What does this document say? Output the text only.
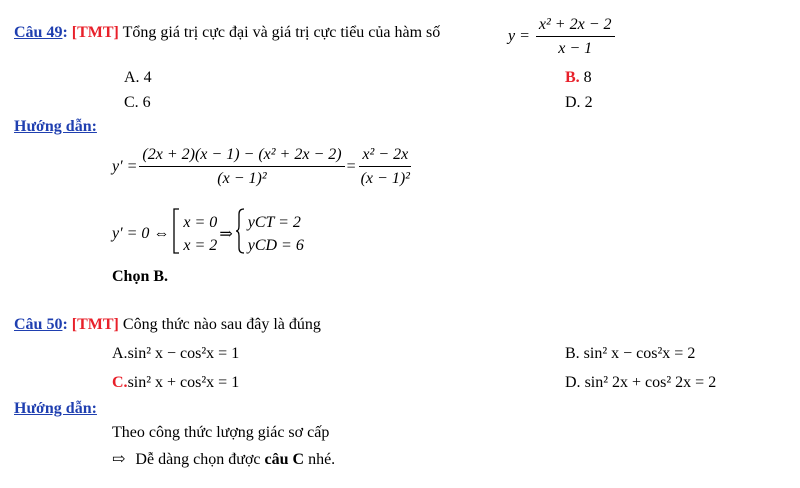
Câu 49: [TMT] Tổng giá trị cực đại và giá trị cực tiểu của hàm số	$y = \frac{\text{x² + 2x − 2}}{x - 1}$
A. 4	B. 8
C. 6	D. 2
Hướng dẫn:
$y' = \frac{\text{(2x + 2)(x − 1) − (x² + 2x − 2)}}{\text{(x − 1)²}} = \frac{\text{x² − 2x}}{\text{(x − 1)²}}$
y′ = 0 ⇔
x = 0
x = 2
⇒
yCT = 2
yCD = 6
Chọn B.
Câu 50: [TMT] Công thức nào sau đây là đúng
A.sin² x − cos²x = 1	B. sin² x − cos²x = 2
C.sin² x + cos²x = 1	D. sin² 2x + cos² 2x = 2
Hướng dẫn:
Theo công thức lượng giác sơ cấp
⇨ Dễ dàng chọn được câu C nhé.
